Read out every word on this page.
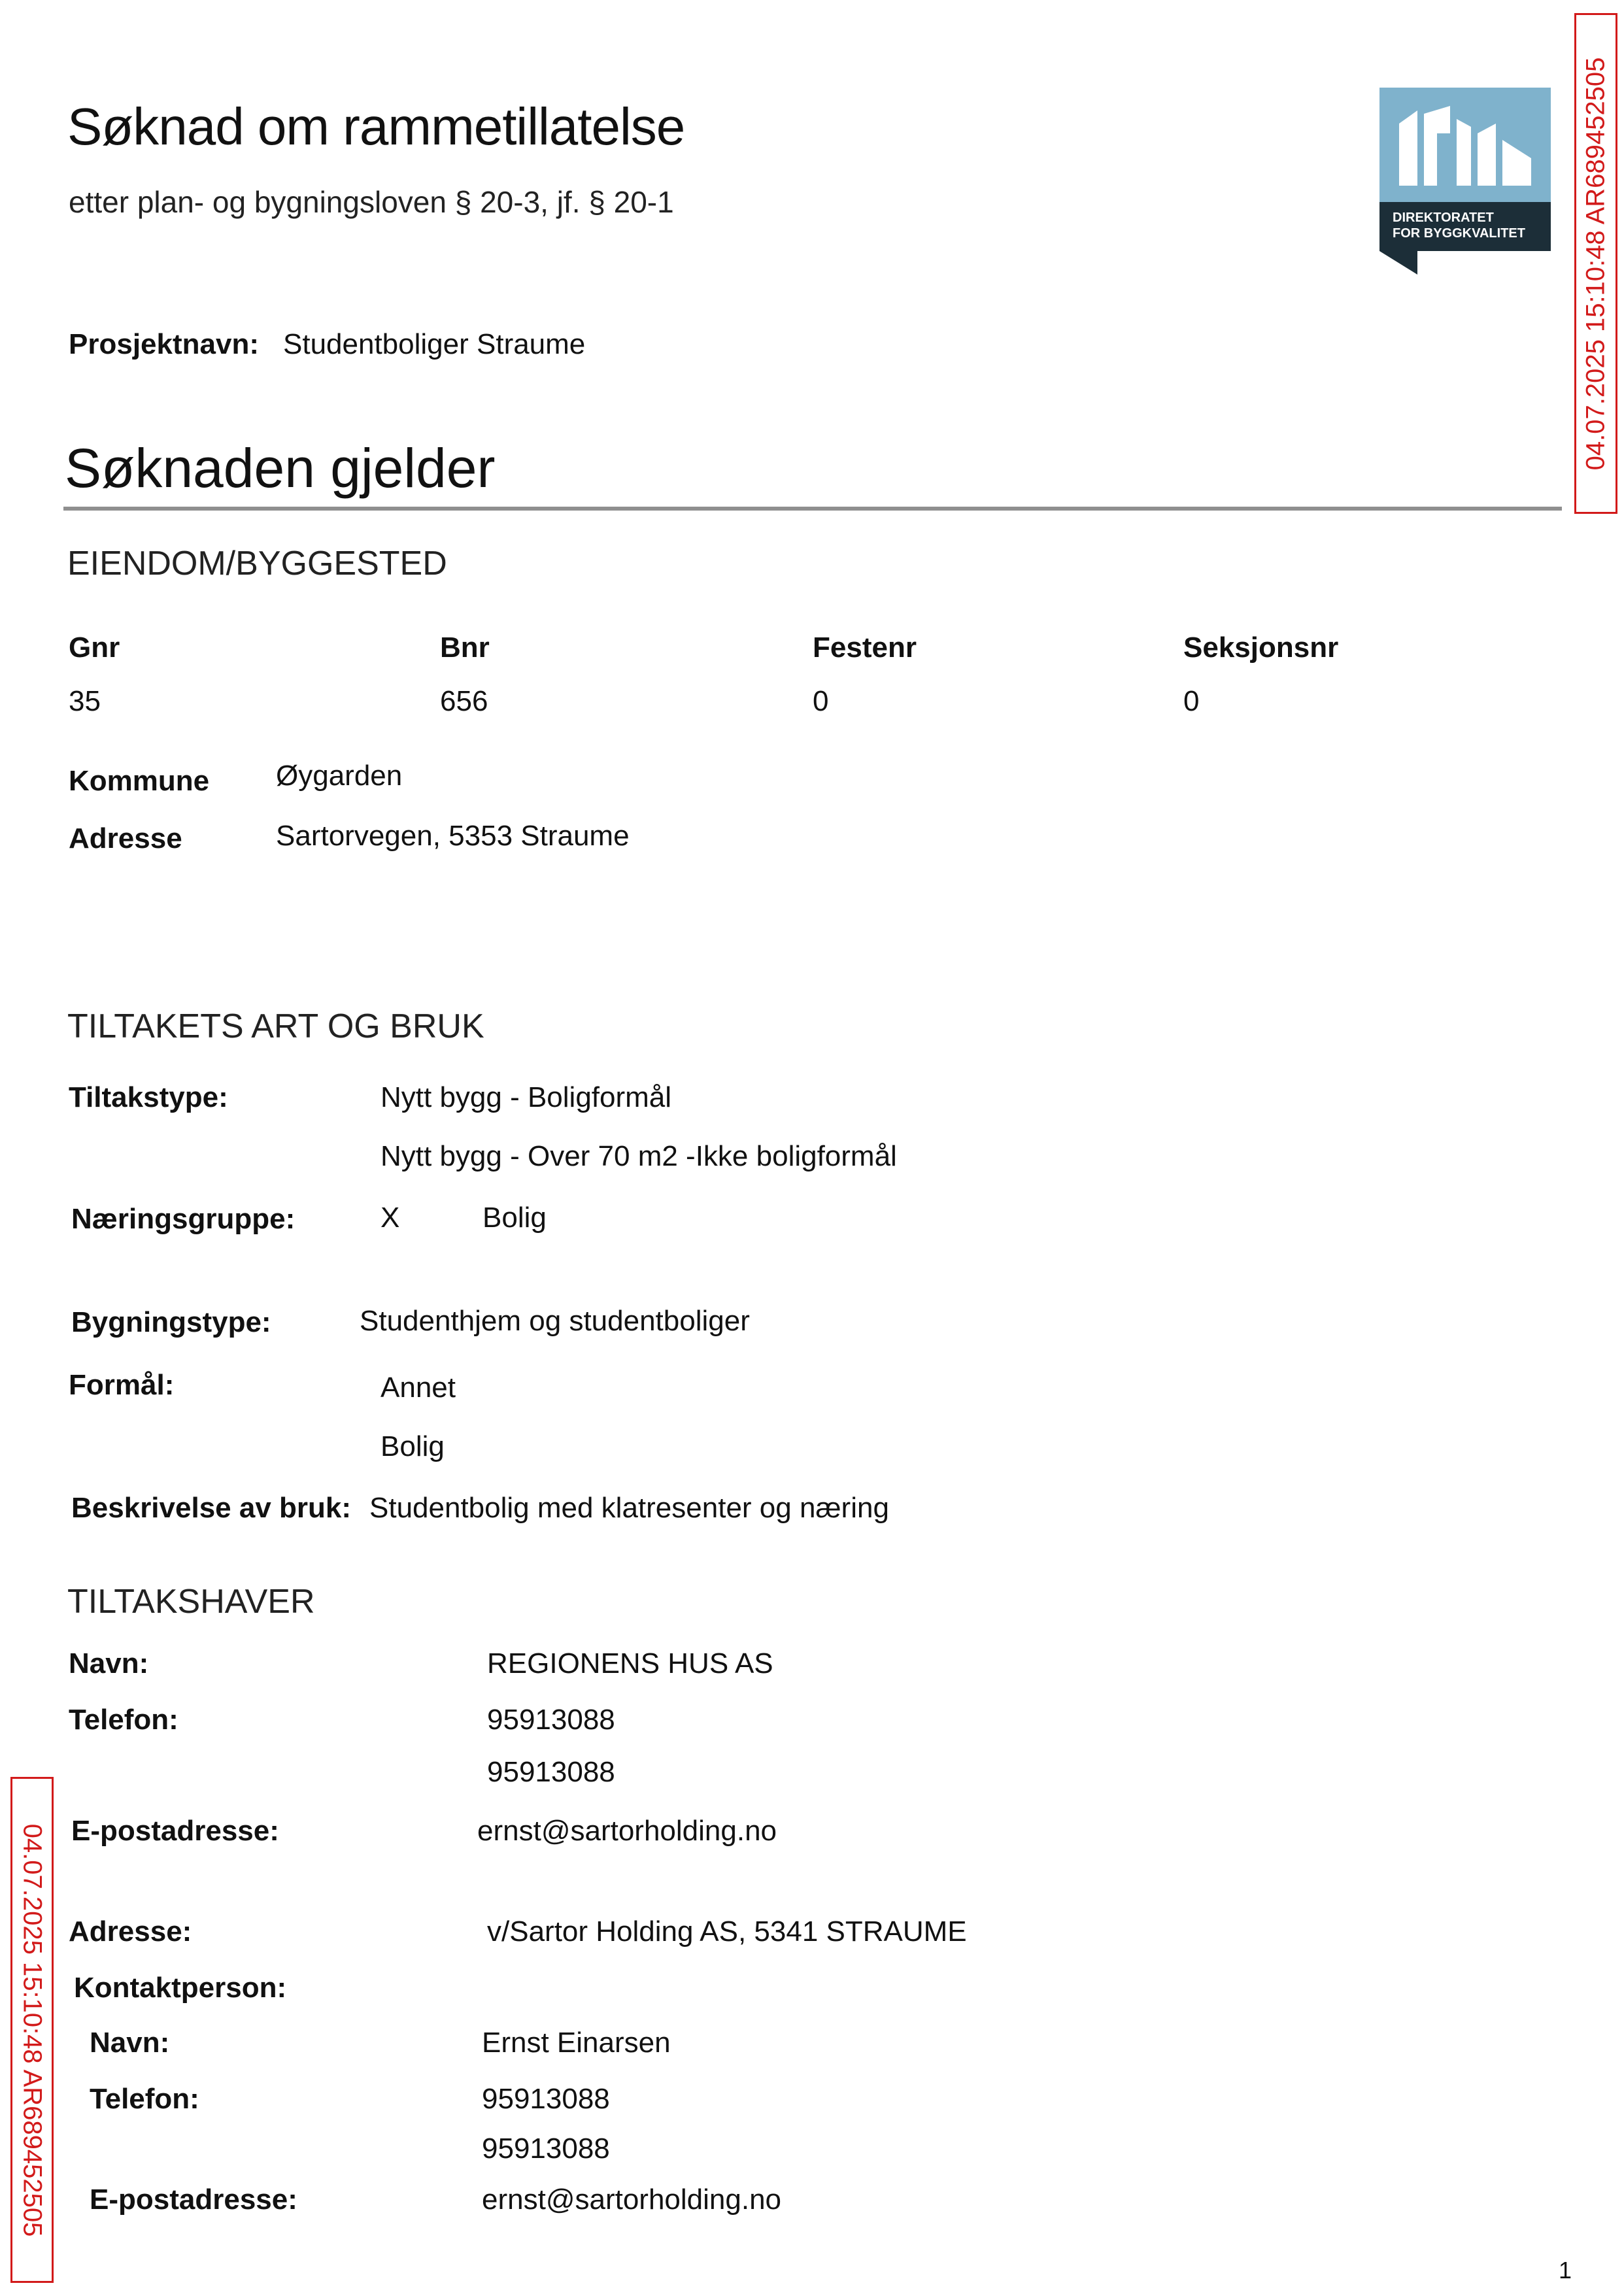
Søknad om rammetillatelse
etter plan- og bygningsloven § 20-3, jf. § 20-1	DIREKTORATET
FOR BYGGKVALITET
Prosjektnavn: Studentboliger Straume
Søknaden gjelder
EIENDOM/BYGGESTED
Gnr	Bnr	Festenr	Seksjonsnr
35	656	0	0
Kommune Øygarden
Adresse	Sartorvegen, 5353 Straume
TILTAKETS ART OG BRUK
Tiltakstype:	Nytt bygg - Boligformål
Nytt bygg - Over 70 m2 -Ikke boligformål
Næringsgruppe:	X	Bolig
Bygningstype:	Studenthjem og studentboliger
Formål:	Annet
Bolig
Beskrivelse av bruk: Studentbolig med klatresenter og næring
TILTAKSHAVER
Navn:	REGIONENS HUS AS
Telefon:	95913088
95913088
E-postadresse:	ernst@sartorholding.no
Adresse:	v/Sartor Holding AS, 5341 STRAUME
Kontaktperson:
Navn:	Ernst Einarsen
Telefon:	95913088
95913088
E-postadresse:	ernst@sartorholding.no
04.07.2025 15:10:48 AR689452505
04.07.2025 15:10:48 AR689452505
1
